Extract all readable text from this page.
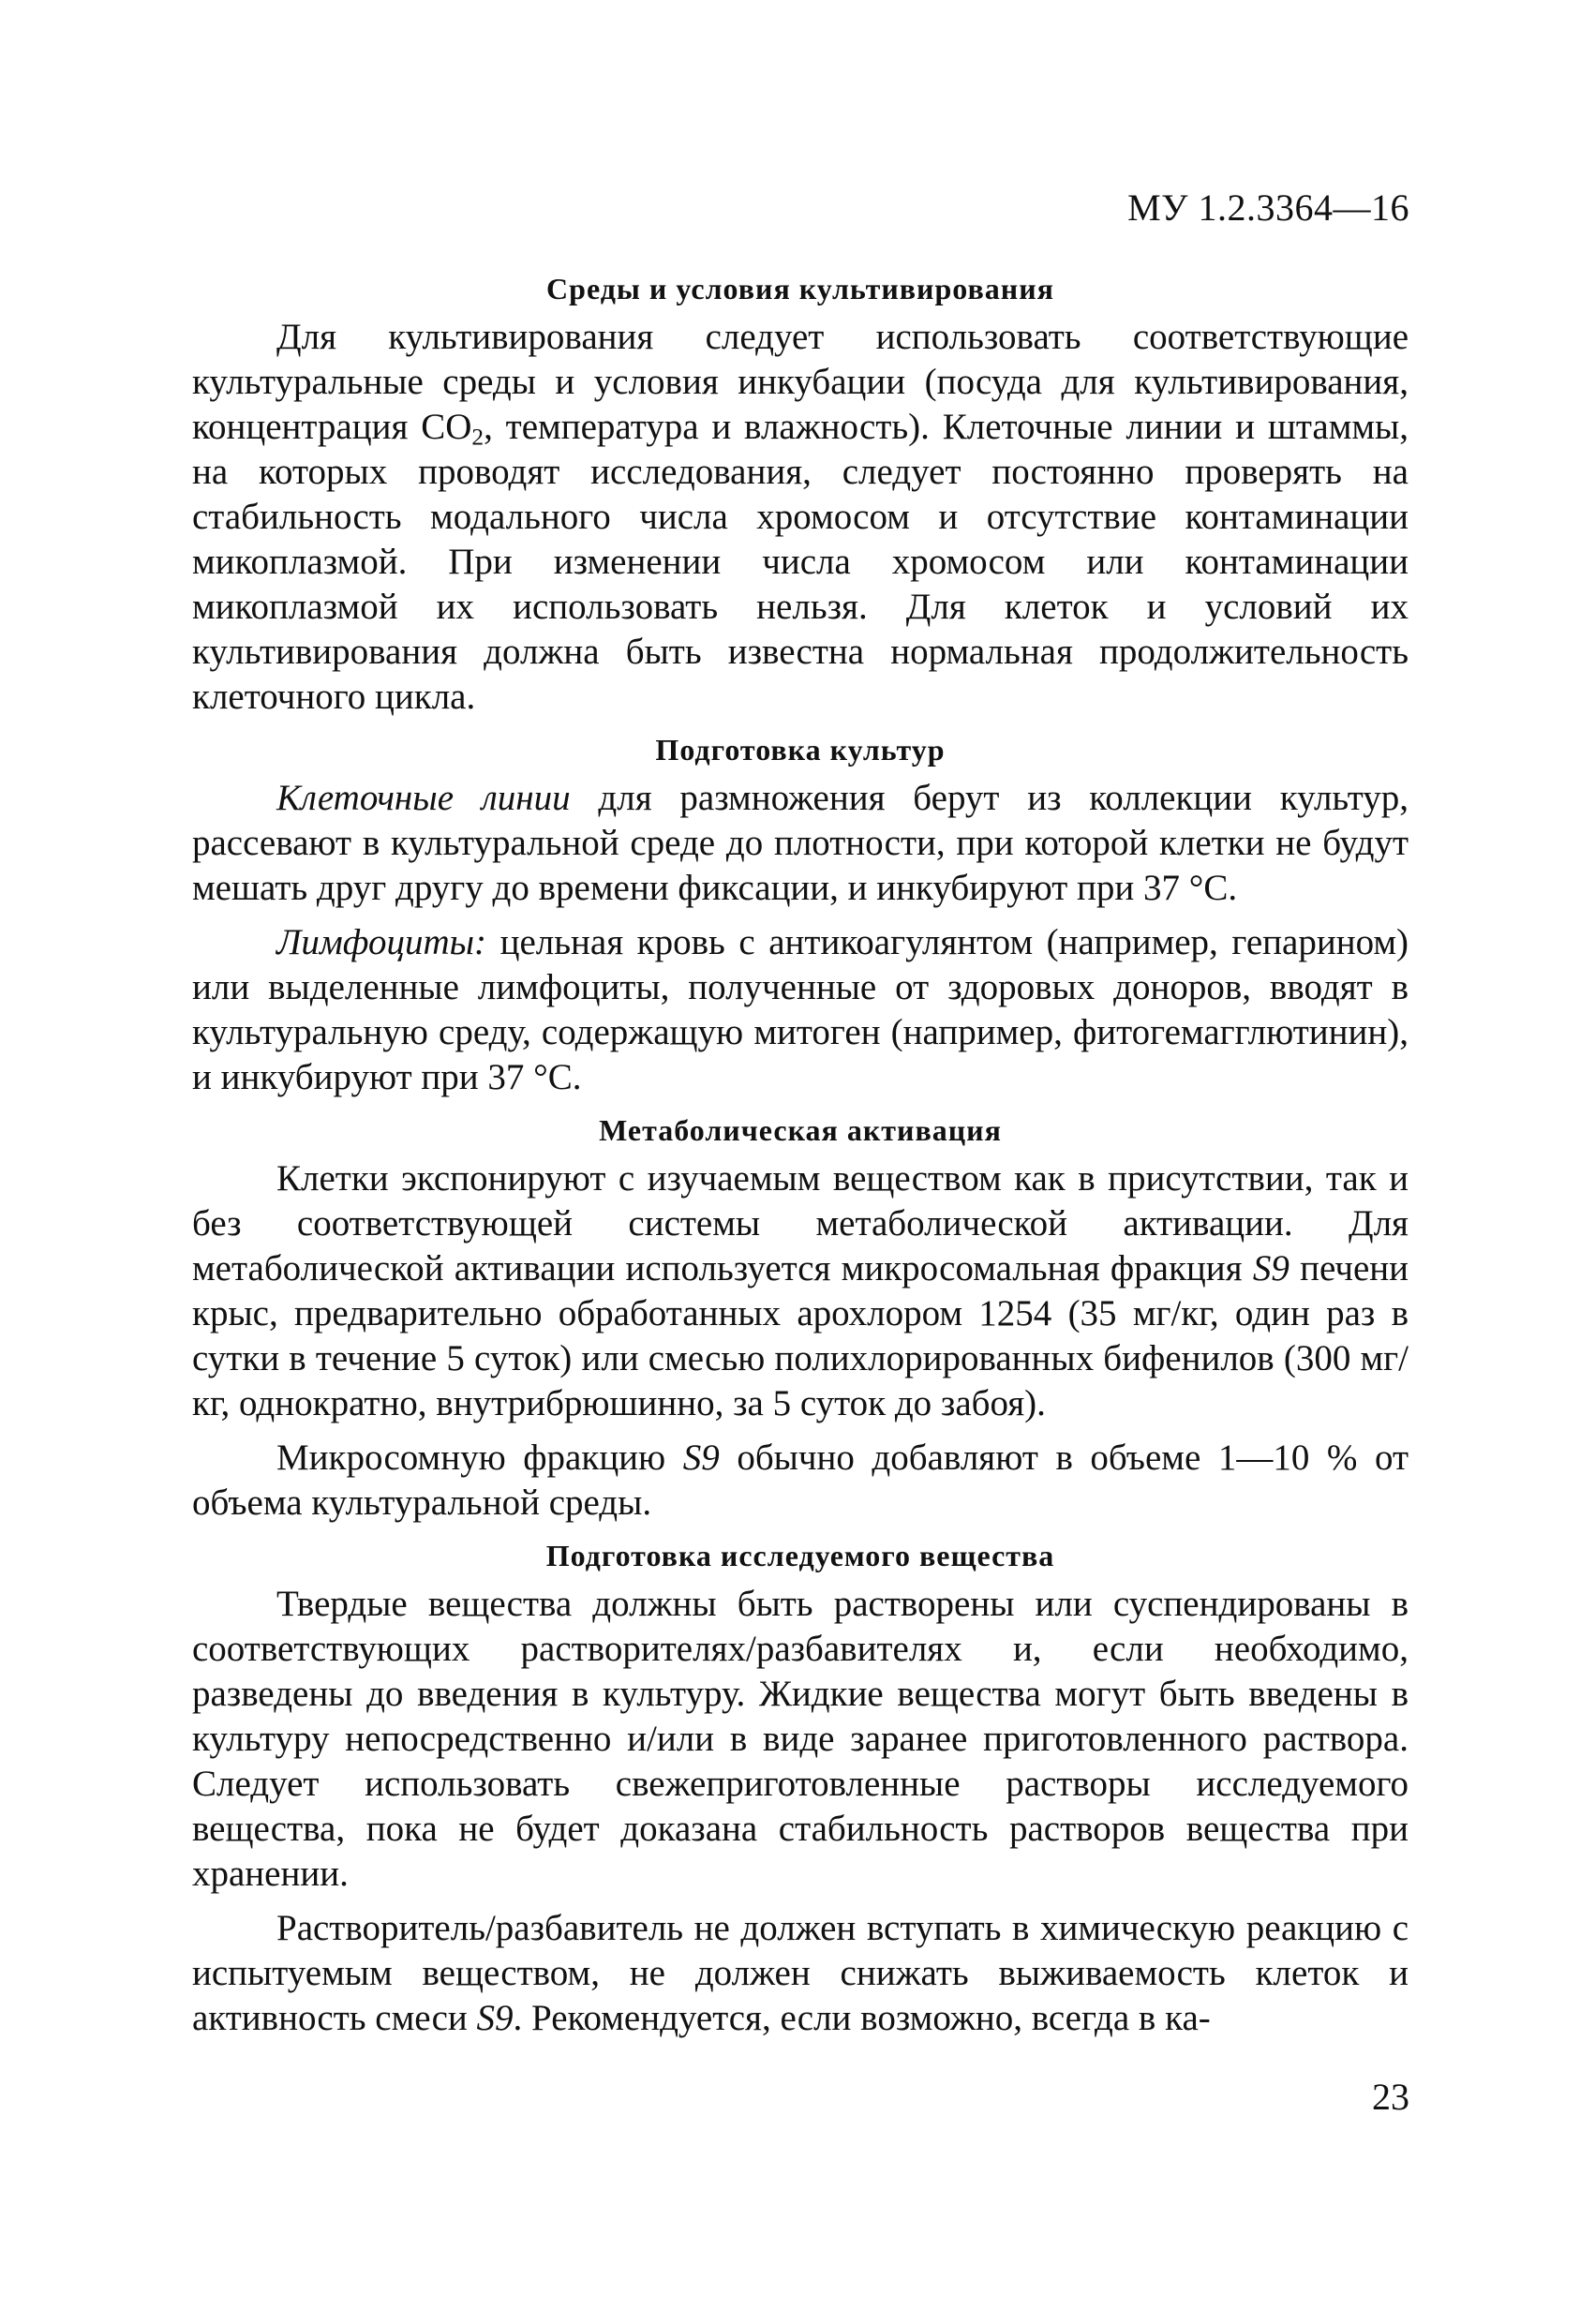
МУ 1.2.3364—16
Среды и условия культивирования

Для культивирования следует использовать соответствующие культуральные среды и условия инкубации (посуда для культивирования, концентрация $CO_2$, температура и влажность). Клеточные линии и штаммы, на которых проводят исследования, следует постоянно проверять на стабильность модального числа хромосом и отсутствие контаминации микоплазмой. При изменении числа хромосом или контаминации микоплазмой их использовать нельзя. Для клеток и условий их культивирования должна быть известна нормальная продолжительность клеточного цикла.

Подготовка культур

Клеточные линии для размножения берут из коллекции культур, рассевают в культуральной среде до плотности, при которой клетки не будут мешать друг другу до времени фиксации, и инкубируют при 37 °С.

Лимфоциты: цельная кровь с антикоагулянтом (например, гепарином) или выделенные лимфоциты, полученные от здоровых доноров, вводят в культуральную среду, содержащую митоген (например, фитогемагглютинин), и инкубируют при 37 °С.

Метаболическая активация

Клетки экспонируют с изучаемым веществом как в присутствии, так и без соответствующей системы метаболической активации. Для метаболической активации используется микросомальная фракция S9 печени крыс, предварительно обработанных арохлором 1254 (35 мг/кг, один раз в сутки в течение 5 суток) или смесью полихлорированных бифенилов (300 мг/кг, однократно, внутрибрюшинно, за 5 суток до забоя).

Микросомную фракцию S9 обычно добавляют в объеме 1—10 % от объема культуральной среды.

Подготовка исследуемого вещества

Твердые вещества должны быть растворены или суспендированы в соответствующих растворителях/разбавителях и, если необходимо, разведены до введения в культуру. Жидкие вещества могут быть введены в культуру непосредственно и/или в виде заранее приготовленного раствора. Следует использовать свежеприготовленные растворы исследуемого вещества, пока не будет доказана стабильность растворов вещества при хранении.

Растворитель/разбавитель не должен вступать в химическую реакцию с испытуемым веществом, не должен снижать выживаемость клеток и активность смеси S9. Рекомендуется, если возможно, всегда в ка-

23
